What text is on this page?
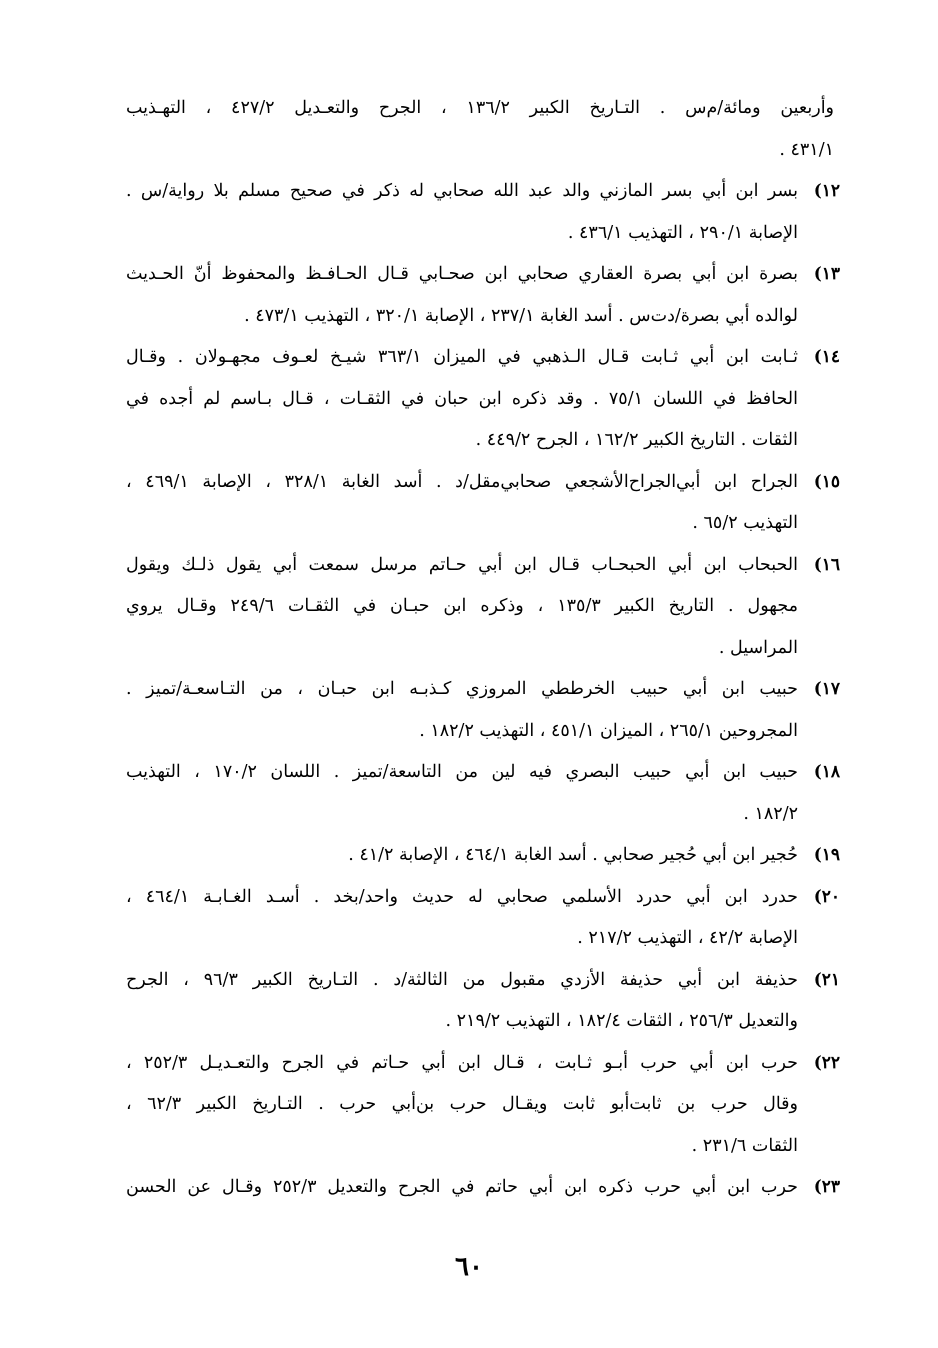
وأربعين ومائة/م‌س . التـاريخ الكبير ١٣٦/٢ ، الجرح والتعـديل ٤٢٧/٢ ، التهـذيب
٤٣١/١ .
١٢)
بسر ابن أبي بسر المازني والد عبد الله صحابي له ذكر في صحيح مسلم بلا رواية/س .
الإصابة ٢٩٠/١ ، التهذيب ٤٣٦/١ .
١٣)
بصرة ابن أبي بصرة العقاري صحابي ابن صحـابي قـال الحـافـظ والمحفوظ أنّ الحـديث
لوالده أبي بصرة/دت‌س . أسد الغابة ٢٣٧/١ ، الإصابة ٣٢٠/١ ، التهذيب ٤٧٣/١ .
١٤)
ثـابت ابن أبي ثـابت قـال الـذهبي في الميزان ٣٦٣/١ شيـخ لعـوف مجهـولان . وقـال
الحافظ في اللسان ٧٥/١ . وقد ذكره ابن حبان في الثقـات ، قـال بـاسم لم أجده في
الثقات . التاريخ الكبير ١٦٢/٢ ، الجرح ٤٤٩/٢ .
١٥)
الجراح ابن أبي‌الجراح‌الأشجعي صحابي‌مقل/د . أسد الغابة ٣٢٨/١ ، الإصابة ٤٦٩/١ ،
التهذيب ٦٥/٢ .
١٦)
الحبحاب ابن أبي الحبحـاب قـال ابن أبي حـاتم مرسل سمعت أبي يقول ذلـك ويقول
مجهول . التاريخ الكبير ١٣٥/٣ ، وذكره ابن حبـان في الثقـات ٢٤٩/٦ وقـال يروي
المراسيل .
١٧)
حبيب ابن أبي حبيب الخرططي المروزي كـذبـه ابن حبـان ، من التـاسعـة/تميز .
المجروحين ٢٦٥/١ ، الميزان ٤٥١/١ ، التهذيب ١٨٢/٢ .
١٨)
حبيب ابن أبي حبيب البصري فيه لين من التاسعة/تميز . اللسان ١٧٠/٢ ، التهذيب
١٨٢/٢ .
١٩)
حُجير ابن أبي حُجير صحابي . أسد الغابة ٤٦٤/١ ، الإصابة ٤١/٢ .
٢٠)
حدرد ابن أبي حدرد الأسلمي صحابي له حديث واحد/بخد . أسـد الغـابـة ٤٦٤/١ ،
الإصابة ٤٢/٢ ، التهذيب ٢١٧/٢ .
٢١)
حذيفة ابن أبي حذيفة الأزدي مقبول من الثالثة/د . التـاريخ الكبير ٩٦/٣ ، الجرح
والتعديل ٢٥٦/٣ ، الثقات ١٨٢/٤ ، التهذيب ٢١٩/٢ .
٢٢)
حرب ابن أبي حرب أبـو ثـابت ، قـال ابن أبي حـاتم في الجرح والتعـديـل ٢٥٢/٣ ،
وقال حرب بن ثابت‌أبو ثابت ويقـال حرب بن‌أبي حرب . التـاريخ الكبير ٦٢/٣ ،
الثقات ٢٣١/٦ .
٢٣)
حرب ابن أبي حرب ذكره ابن أبي حاتم في الجرح والتعديل ٢٥٢/٣ وقـال عن الحسن
٦٠
